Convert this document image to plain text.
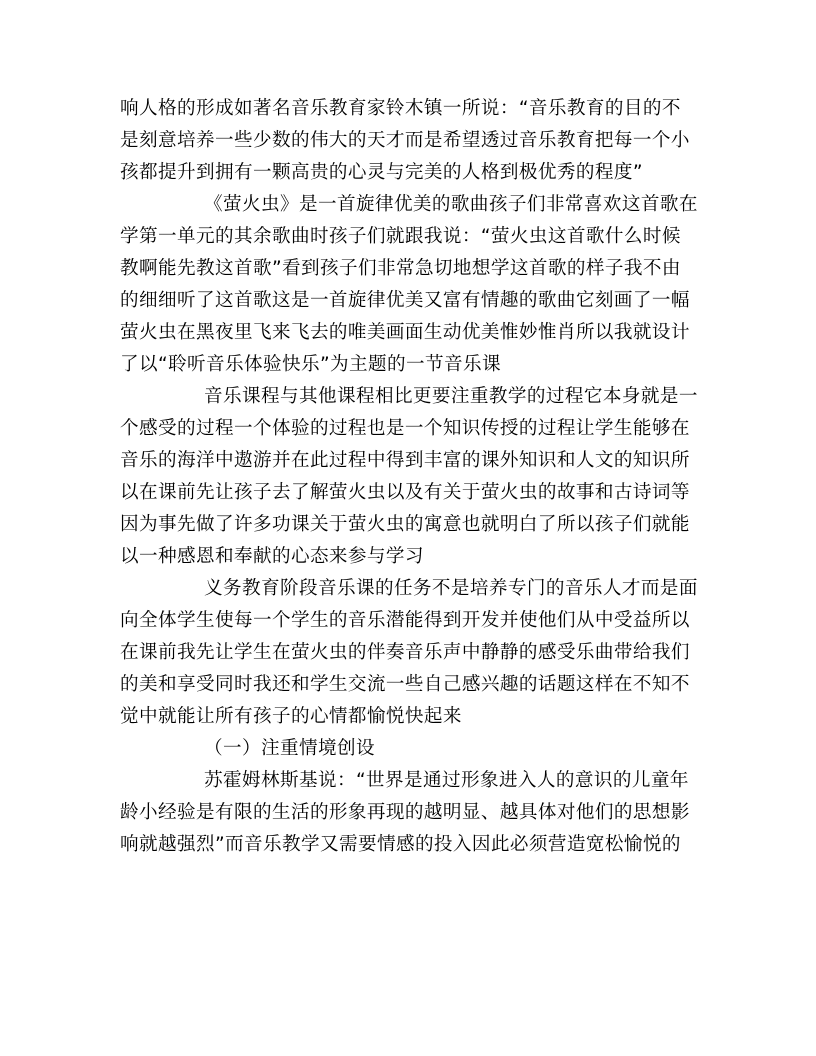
响人格的形成如著名音乐教育家铃木镇一所说：“音乐教育的目的不
是刻意培养一些少数的伟大的天才而是希望透过音乐教育把每一个小
孩都提升到拥有一颗高贵的心灵与完美的人格到极优秀的程度”
《萤火虫》是一首旋律优美的歌曲孩子们非常喜欢这首歌在
学第一单元的其余歌曲时孩子们就跟我说：“萤火虫这首歌什么时候
教啊能先教这首歌”看到孩子们非常急切地想学这首歌的样子我不由
的细细听了这首歌这是一首旋律优美又富有情趣的歌曲它刻画了一幅
萤火虫在黑夜里飞来飞去的唯美画面生动优美惟妙惟肖所以我就设计
了以“聆听音乐体验快乐”为主题的一节音乐课
音乐课程与其他课程相比更要注重教学的过程它本身就是一
个感受的过程一个体验的过程也是一个知识传授的过程让学生能够在
音乐的海洋中遨游并在此过程中得到丰富的课外知识和人文的知识所
以在课前先让孩子去了解萤火虫以及有关于萤火虫的故事和古诗词等
因为事先做了许多功课关于萤火虫的寓意也就明白了所以孩子们就能
以一种感恩和奉献的心态来参与学习
义务教育阶段音乐课的任务不是培养专门的音乐人才而是面
向全体学生使每一个学生的音乐潜能得到开发并使他们从中受益所以
在课前我先让学生在萤火虫的伴奏音乐声中静静的感受乐曲带给我们
的美和享受同时我还和学生交流一些自己感兴趣的话题这样在不知不
觉中就能让所有孩子的心情都愉悦快起来
（一）注重情境创设
苏霍姆林斯基说：“世界是通过形象进入人的意识的儿童年
龄小经验是有限的生活的形象再现的越明显、越具体对他们的思想影
响就越强烈”而音乐教学又需要情感的投入因此必须营造宽松愉悦的
